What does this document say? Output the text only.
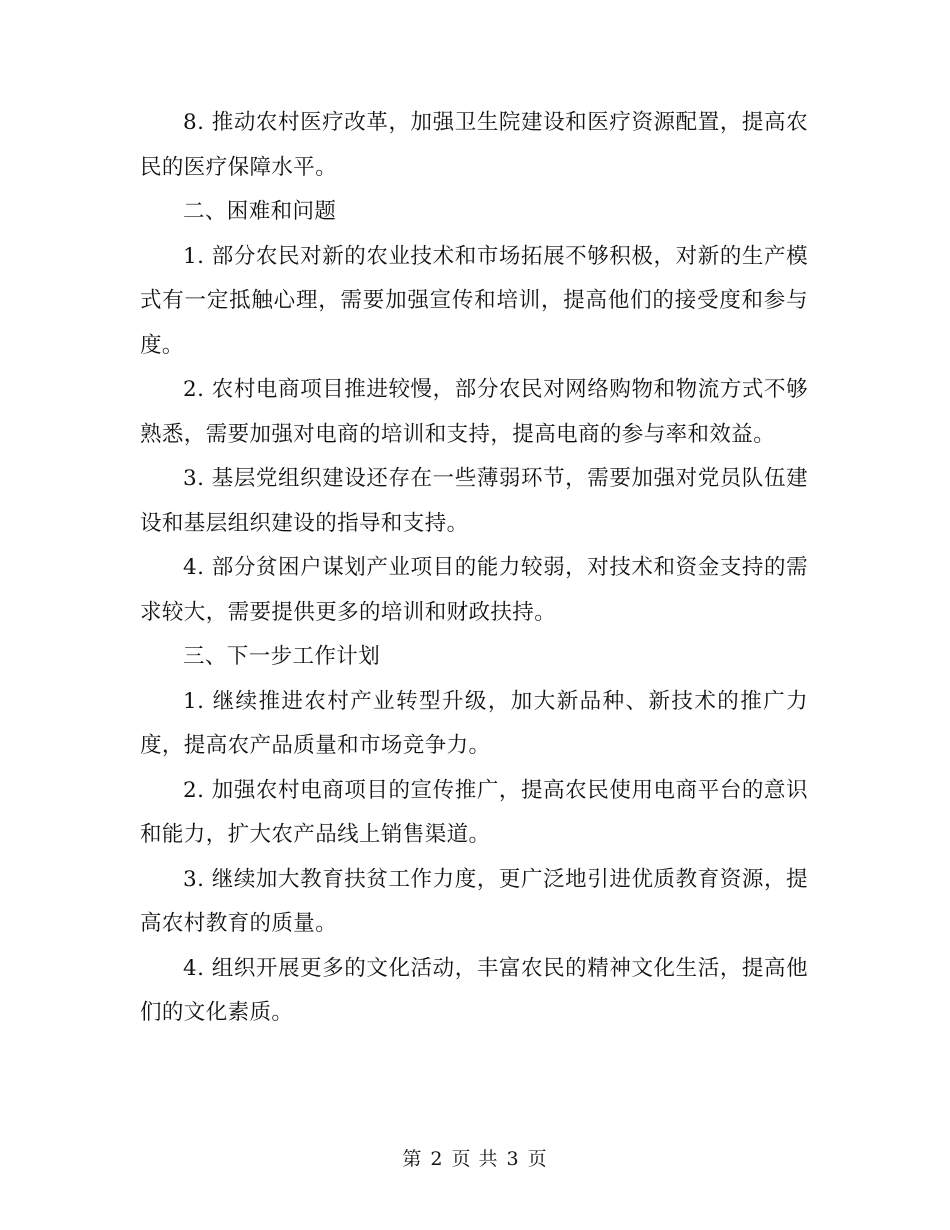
8. 推动农村医疗改革，加强卫生院建设和医疗资源配置，提高农民的医疗保障水平。

二、困难和问题

1. 部分农民对新的农业技术和市场拓展不够积极，对新的生产模式有一定抵触心理，需要加强宣传和培训，提高他们的接受度和参与度。

2. 农村电商项目推进较慢，部分农民对网络购物和物流方式不够熟悉，需要加强对电商的培训和支持，提高电商的参与率和效益。

3. 基层党组织建设还存在一些薄弱环节，需要加强对党员队伍建设和基层组织建设的指导和支持。

4. 部分贫困户谋划产业项目的能力较弱，对技术和资金支持的需求较大，需要提供更多的培训和财政扶持。

三、下一步工作计划

1. 继续推进农村产业转型升级，加大新品种、新技术的推广力度，提高农产品质量和市场竞争力。

2. 加强农村电商项目的宣传推广，提高农民使用电商平台的意识和能力，扩大农产品线上销售渠道。

3. 继续加大教育扶贫工作力度，更广泛地引进优质教育资源，提高农村教育的质量。

4. 组织开展更多的文化活动，丰富农民的精神文化生活，提高他们的文化素质。

第 2 页 共 3 页
